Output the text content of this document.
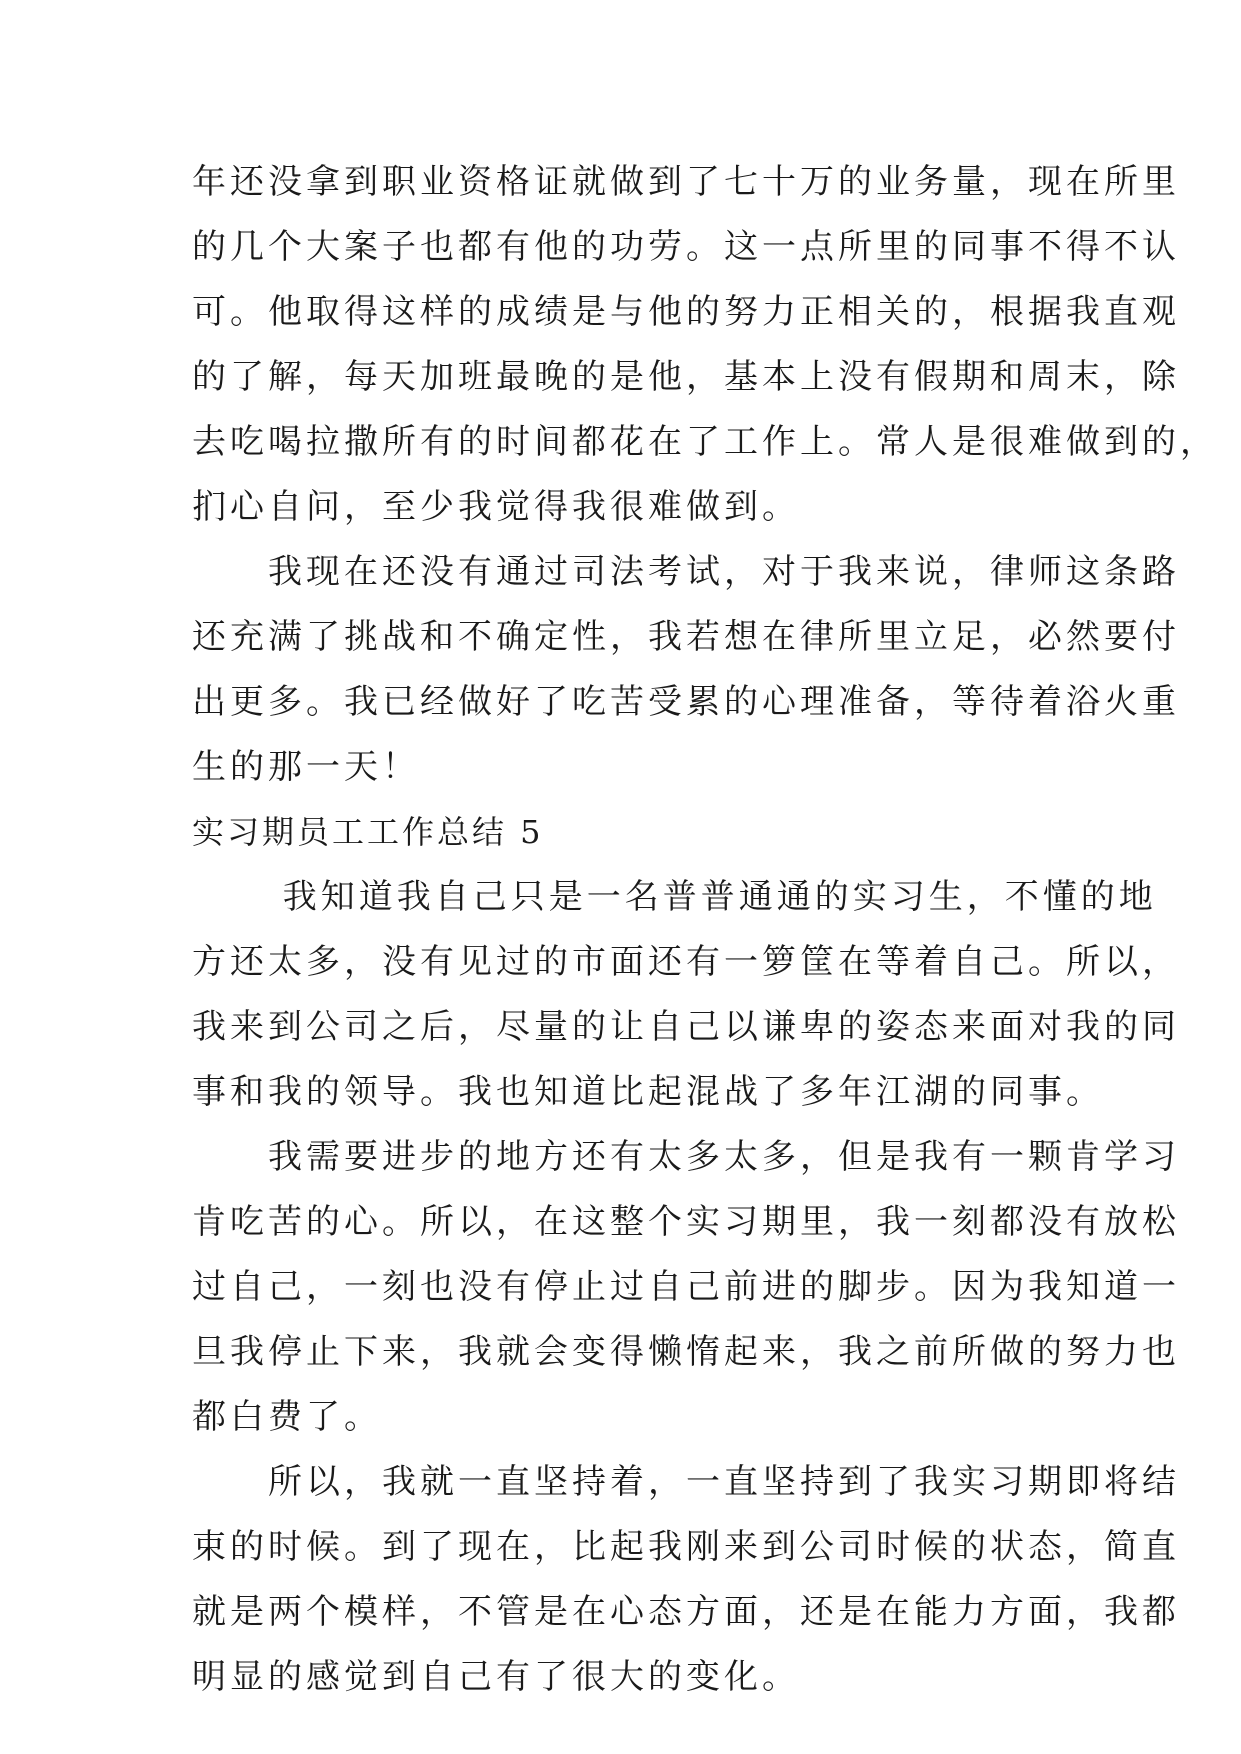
年还没拿到职业资格证就做到了七十万的业务量，现在所里
的几个大案子也都有他的功劳。这一点所里的同事不得不认
可。他取得这样的成绩是与他的努力正相关的，根据我直观
的了解，每天加班最晚的是他，基本上没有假期和周末，除
去吃喝拉撒所有的时间都花在了工作上。常人是很难做到的，
扪心自问，至少我觉得我很难做到。
　　我现在还没有通过司法考试，对于我来说，律师这条路
还充满了挑战和不确定性，我若想在律所里立足，必然要付
出更多。我已经做好了吃苦受累的心理准备，等待着浴火重
生的那一天！
实习期员工工作总结 5
　　 我知道我自己只是一名普普通通的实习生，不懂的地
方还太多，没有见过的市面还有一箩筐在等着自己。所以，
我来到公司之后，尽量的让自己以谦卑的姿态来面对我的同
事和我的领导。我也知道比起混战了多年江湖的同事。
　　我需要进步的地方还有太多太多，但是我有一颗肯学习
肯吃苦的心。所以，在这整个实习期里，我一刻都没有放松
过自己，一刻也没有停止过自己前进的脚步。因为我知道一
旦我停止下来，我就会变得懒惰起来，我之前所做的努力也
都白费了。
　　所以，我就一直坚持着，一直坚持到了我实习期即将结
束的时候。到了现在，比起我刚来到公司时候的状态，简直
就是两个模样，不管是在心态方面，还是在能力方面，我都
明显的感觉到自己有了很大的变化。
